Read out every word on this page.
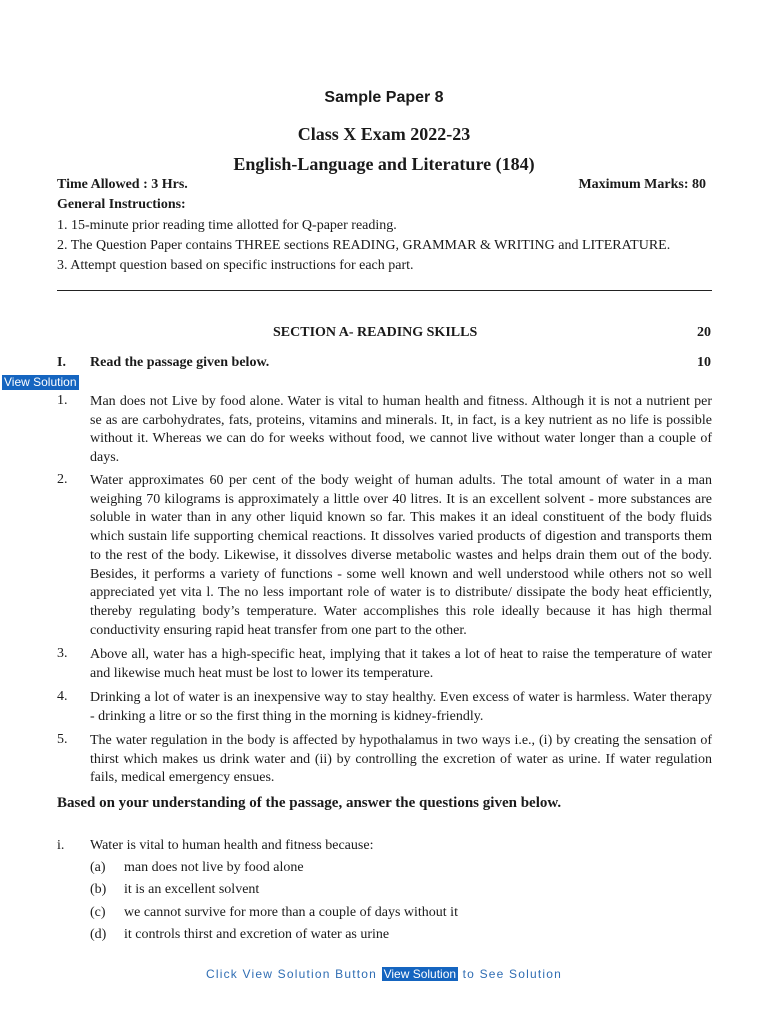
Sample Paper 8
Class X Exam 2022-23
English-Language and Literature (184)
Time Allowed : 3 Hrs.	Maximum Marks: 80
General Instructions:
1. 15-minute prior reading time allotted for Q-paper reading.
2. The Question Paper contains THREE sections READING, GRAMMAR & WRITING and LITERATURE.
3. Attempt question based on specific instructions for each part.
SECTION A- READING SKILLS	20
I. Read the passage given below.	10
View Solution
1. Man does not Live by food alone. Water is vital to human health and fitness. Although it is not a nutrient per se as are carbohydrates, fats, proteins, vitamins and minerals. It, in fact, is a key nutrient as no life is possible without it. Whereas we can do for weeks without food, we cannot live without water longer than a couple of days.
2. Water approximates 60 per cent of the body weight of human adults. The total amount of water in a man weighing 70 kilograms is approximately a little over 40 litres. It is an excellent solvent - more substances are soluble in water than in any other liquid known so far. This makes it an ideal constituent of the body fluids which sustain life supporting chemical reactions. It dissolves varied products of digestion and transports them to the rest of the body. Likewise, it dissolves diverse metabolic wastes and helps drain them out of the body. Besides, it performs a variety of functions - some well known and well understood while others not so well appreciated yet vita l. The no less important role of water is to distribute/ dissipate the body heat efficiently, thereby regulating body’s temperature. Water accomplishes this role ideally because it has high thermal conductivity ensuring rapid heat transfer from one part to the other.
3. Above all, water has a high-specific heat, implying that it takes a lot of heat to raise the temperature of water and likewise much heat must be lost to lower its temperature.
4. Drinking a lot of water is an inexpensive way to stay healthy. Even excess of water is harmless. Water therapy - drinking a litre or so the first thing in the morning is kidney-friendly.
5. The water regulation in the body is affected by hypothalamus in two ways i.e., (i) by creating the sensation of thirst which makes us drink water and (ii) by controlling the excretion of water as urine. If water regulation fails, medical emergency ensues.
Based on your understanding of the passage, answer the questions given below.
i. Water is vital to human health and fitness because:
(a) man does not live by food alone
(b) it is an excellent solvent
(c) we cannot survive for more than a couple of days without it
(d) it controls thirst and excretion of water as urine
Click View Solution Button View Solution to See Solution
